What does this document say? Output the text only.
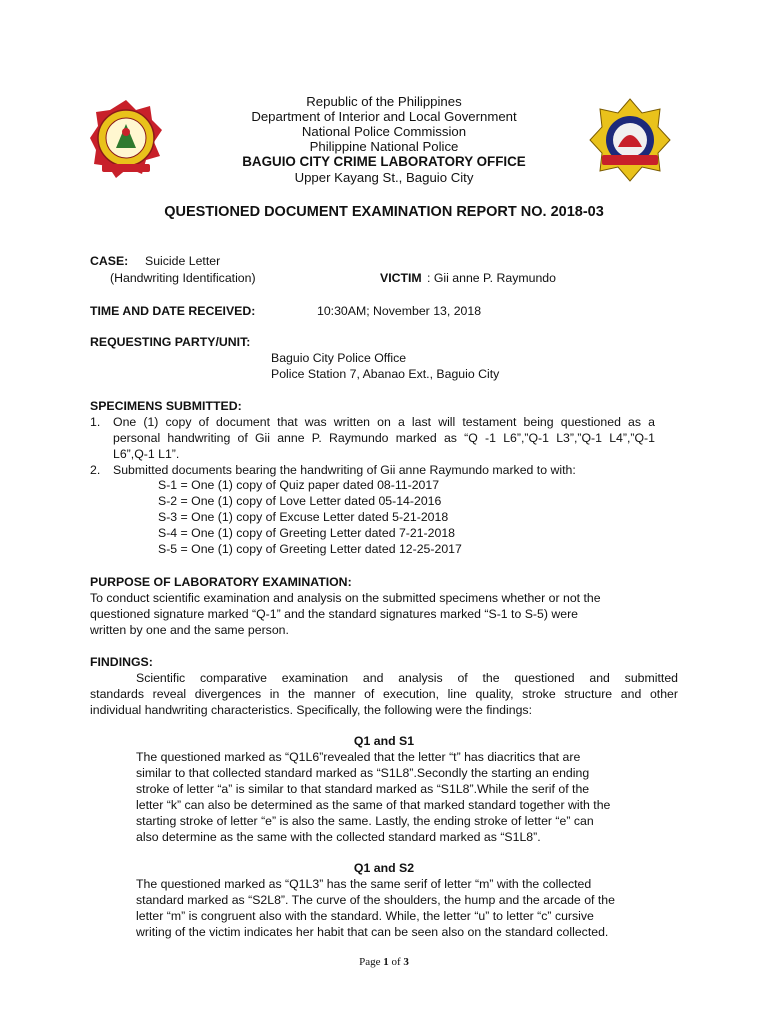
Republic of the Philippines
Department of Interior and Local Government
National Police Commission
Philippine National Police
BAGUIO CITY CRIME LABORATORY OFFICE
Upper Kayang St., Baguio City
QUESTIONED DOCUMENT EXAMINATION REPORT NO. 2018-03
CASE: Suicide Letter
(Handwriting Identification)	VICTIM : Gii anne P. Raymundo
TIME AND DATE RECEIVED:	10:30AM; November 13, 2018
REQUESTING PARTY/UNIT:
Baguio City Police Office
Police Station 7, Abanao Ext., Baguio City
SPECIMENS SUBMITTED:
1. One (1) copy of document that was written on a last will testament being questioned as a
personal handwriting of Gii anne P. Raymundo marked as “Q -1 L6”,”Q-1 L3”,”Q-1 L4”,”Q-1
L6”,Q-1 L1”.
2. Submitted documents bearing the handwriting of Gii anne Raymundo marked to with:
S-1 = One (1) copy of Quiz paper dated 08-11-2017
S-2 = One (1) copy of Love Letter dated 05-14-2016
S-3 = One (1) copy of Excuse Letter dated 5-21-2018
S-4 = One (1) copy of Greeting Letter dated 7-21-2018
S-5 = One (1) copy of Greeting Letter dated 12-25-2017
PURPOSE OF LABORATORY EXAMINATION:
To conduct scientific examination and analysis on the submitted specimens whether or not the
questioned signature marked “Q-1” and the standard signatures marked “S-1 to S-5) were
written by one and the same person.
FINDINGS:
Scientific comparative examination and analysis of the questioned and submitted
standards reveal divergences in the manner of execution, line quality, stroke structure and other
individual handwriting characteristics. Specifically, the following were the findings:
Q1 and S1
The questioned marked as “Q1L6”revealed that the letter “t” has diacritics that are
similar to that collected standard marked as “S1L8”.Secondly the starting an ending
stroke of letter “a” is similar to that standard marked as “S1L8”.While the serif of the
letter “k” can also be determined as the same of that marked standard together with the
starting stroke of letter “e” is also the same. Lastly, the ending stroke of letter “e” can
also determine as the same with the collected standard marked as “S1L8”.
Q1 and S2
The questioned marked as “Q1L3” has the same serif of letter “m” with the collected
standard marked as “S2L8”. The curve of the shoulders, the hump and the arcade of the
letter “m” is congruent also with the standard. While, the letter “u” to letter “c” cursive
writing of the victim indicates her habit that can be seen also on the standard collected.
Page 1 of 3
